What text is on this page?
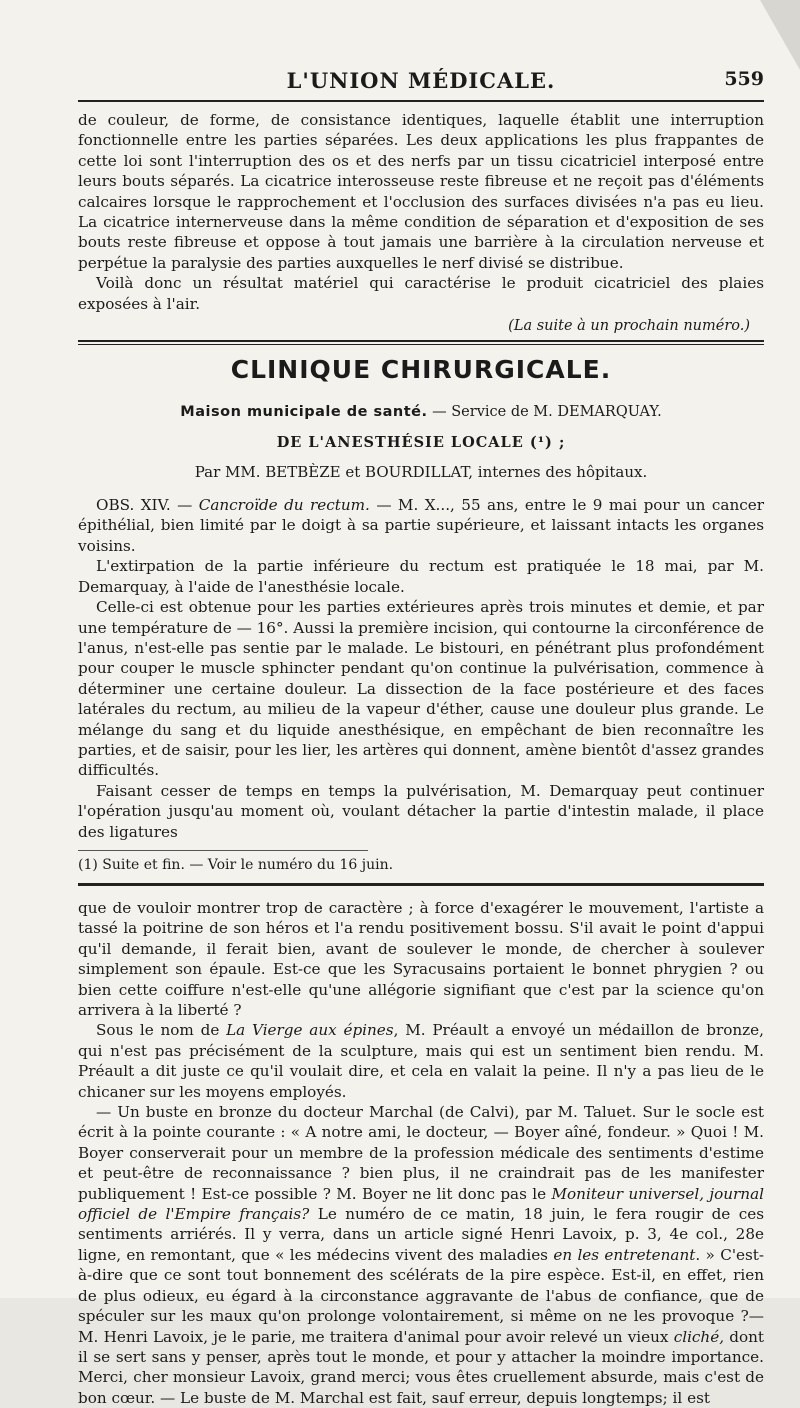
L'UNION MÉDICALE.	559

de couleur, de forme, de consistance identiques, laquelle établit une interruption fonctionnelle entre les parties séparées. Les deux applications les plus frappantes de cette loi sont l'interruption des os et des nerfs par un tissu cicatriciel interposé entre leurs bouts séparés. La cicatrice interosseuse reste fibreuse et ne reçoit pas d'éléments calcaires lorsque le rapprochement et l'occlusion des surfaces divisées n'a pas eu lieu. La cicatrice internerveuse dans la même condition de séparation et d'exposition de ses bouts reste fibreuse et oppose à tout jamais une barrière à la circulation nerveuse et perpétue la paralysie des parties auxquelles le nerf divisé se distribue.

Voilà donc un résultat matériel qui caractérise le produit cicatriciel des plaies exposées à l'air.

(La suite à un prochain numéro.)
CLINIQUE CHIRURGICALE.
Maison municipale de santé. — Service de M. DEMARQUAY.
DE L'ANESTHÉSIE LOCALE (¹) ;
Par MM. BETBÈZE et BOURDILLAT, internes des hôpitaux.

OBS. XIV. — Cancroïde du rectum. — M. X..., 55 ans, entre le 9 mai pour un cancer épithélial, bien limité par le doigt à sa partie supérieure, et laissant intacts les organes voisins.

L'extirpation de la partie inférieure du rectum est pratiquée le 18 mai, par M. Demarquay, à l'aide de l'anesthésie locale.

Celle-ci est obtenue pour les parties extérieures après trois minutes et demie, et par une température de — 16°. Aussi la première incision, qui contourne la circonférence de l'anus, n'est-elle pas sentie par le malade. Le bistouri, en pénétrant plus profondément pour couper le muscle sphincter pendant qu'on continue la pulvérisation, commence à déterminer une certaine douleur. La dissection de la face postérieure et des faces latérales du rectum, au milieu de la vapeur d'éther, cause une douleur plus grande. Le mélange du sang et du liquide anesthésique, en empêchant de bien reconnaître les parties, et de saisir, pour les lier, les artères qui donnent, amène bientôt d'assez grandes difficultés.

Faisant cesser de temps en temps la pulvérisation, M. Demarquay peut continuer l'opération jusqu'au moment où, voulant détacher la partie d'intestin malade, il place des ligatures

(1) Suite et fin. — Voir le numéro du 16 juin.

que de vouloir montrer trop de caractère ; à force d'exagérer le mouvement, l'artiste a tassé la poitrine de son héros et l'a rendu positivement bossu. S'il avait le point d'appui qu'il demande, il ferait bien, avant de soulever le monde, de chercher à soulever simplement son épaule. Est-ce que les Syracusains portaient le bonnet phrygien ? ou bien cette coiffure n'est-elle qu'une allégorie signifiant que c'est par la science qu'on arrivera à la liberté ?

Sous le nom de La Vierge aux épines, M. Préault a envoyé un médaillon de bronze, qui n'est pas précisément de la sculpture, mais qui est un sentiment bien rendu. M. Préault a dit juste ce qu'il voulait dire, et cela en valait la peine. Il n'y a pas lieu de le chicaner sur les moyens employés.

— Un buste en bronze du docteur Marchal (de Calvi), par M. Taluet. Sur le socle est écrit à la pointe courante : « A notre ami, le docteur, — Boyer aîné, fondeur. » Quoi ! M. Boyer conserverait pour un membre de la profession médicale des sentiments d'estime et peut-être de reconnaissance ? bien plus, il ne craindrait pas de les manifester publiquement ! Est-ce possible ? M. Boyer ne lit donc pas le Moniteur universel, journal officiel de l'Empire français? Le numéro de ce matin, 18 juin, le fera rougir de ces sentiments arriérés. Il y verra, dans un article signé Henri Lavoix, p. 3, 4e col., 28e ligne, en remontant, que « les médecins vivent des maladies en les entretenant. » C'est-à-dire que ce sont tout bonnement des scélérats de la pire espèce. Est-il, en effet, rien de plus odieux, eu égard à la circonstance aggravante de l'abus de confiance, que de spéculer sur les maux qu'on prolonge volontairement, si même on ne les provoque ?— M. Henri Lavoix, je le parie, me traitera d'animal pour avoir relevé un vieux cliché, dont il se sert sans y penser, après tout le monde, et pour y attacher la moindre importance. Merci, cher monsieur Lavoix, grand merci; vous êtes cruellement absurde, mais c'est de bon cœur. — Le buste de M. Marchal est fait, sauf erreur, depuis longtemps; il est
